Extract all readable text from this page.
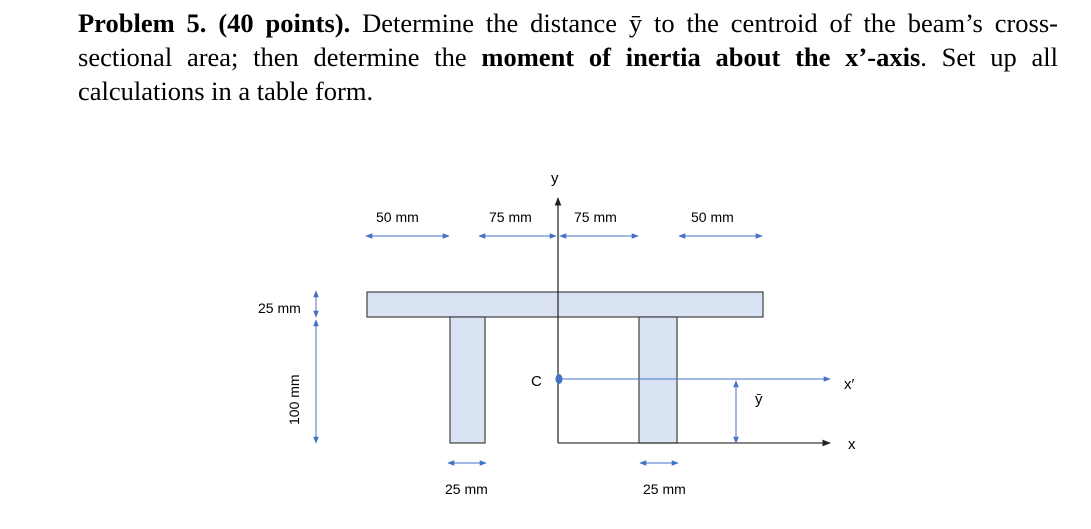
Problem 5. (40 points). Determine the distance ȳ to the centroid of the beam’s cross-sectional area; then determine the moment of inertia about the x’-axis. Set up all calculations in a table form.
y
x
x′
C
ȳ
50 mm	75 mm	75 mm	50 mm
25 mm
100 mm
25 mm	25 mm
